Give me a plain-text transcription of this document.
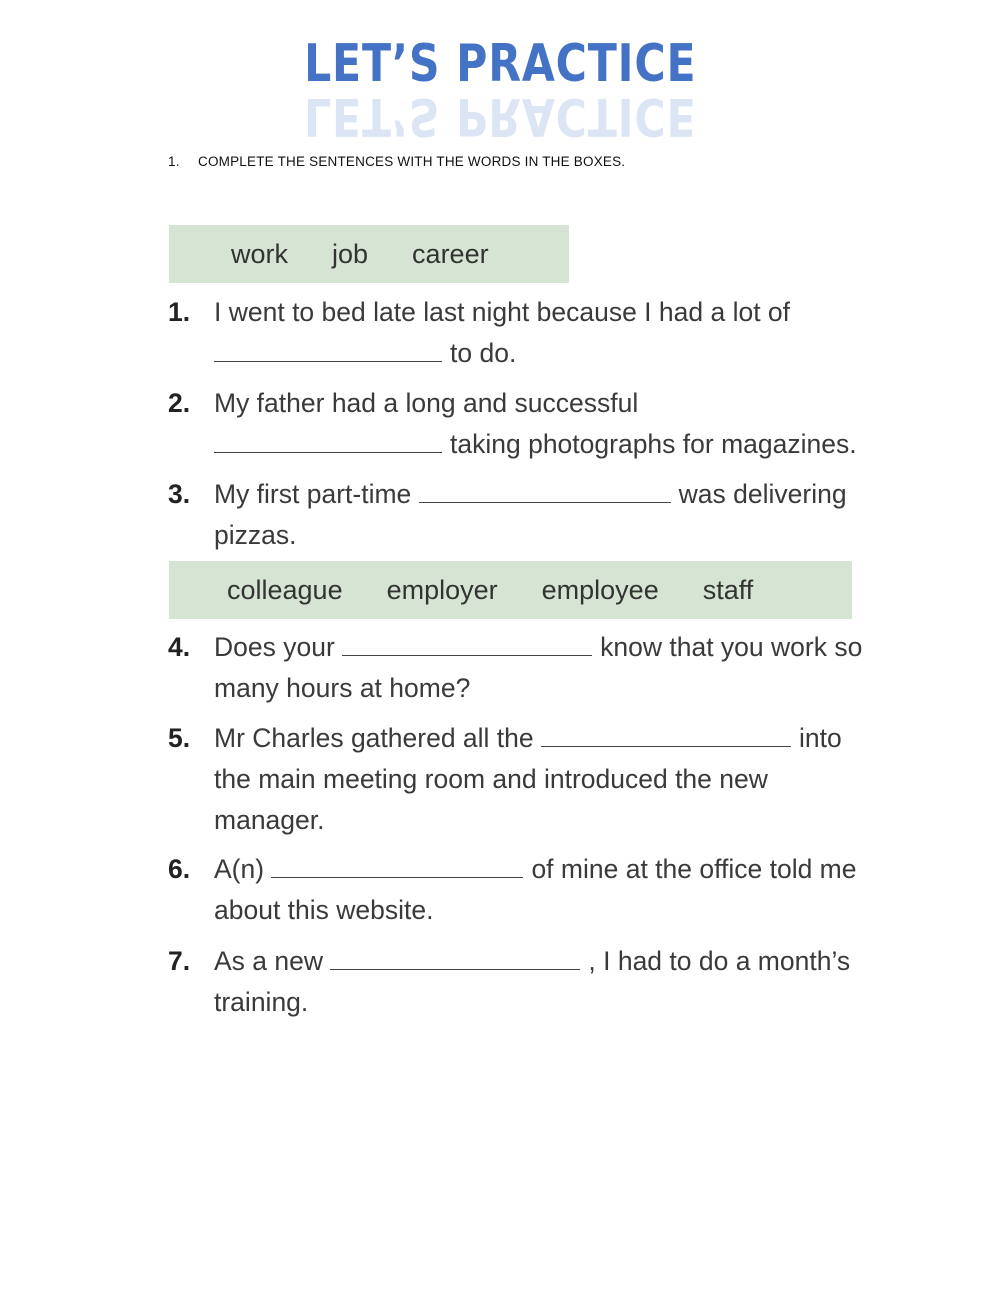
LET’S PRACTICE
LET’S PRACTICE
1. COMPLETE THE SENTENCES WITH THE WORDS IN THE BOXES.
work job career
colleague employer employee staff
1. I went to bed late last night because I had a lot of
to do.
2. My father had a long and successful
taking photographs for magazines.
3. My first part-time	was delivering
pizzas.
4. Does your	know that you work so
many hours at home?
5. Mr Charles gathered all the	into
the main meeting room and introduced the new
manager.
6. A(n)	of mine at the office told me
about this website.
7. As a new	, I had to do a month’s
training.
